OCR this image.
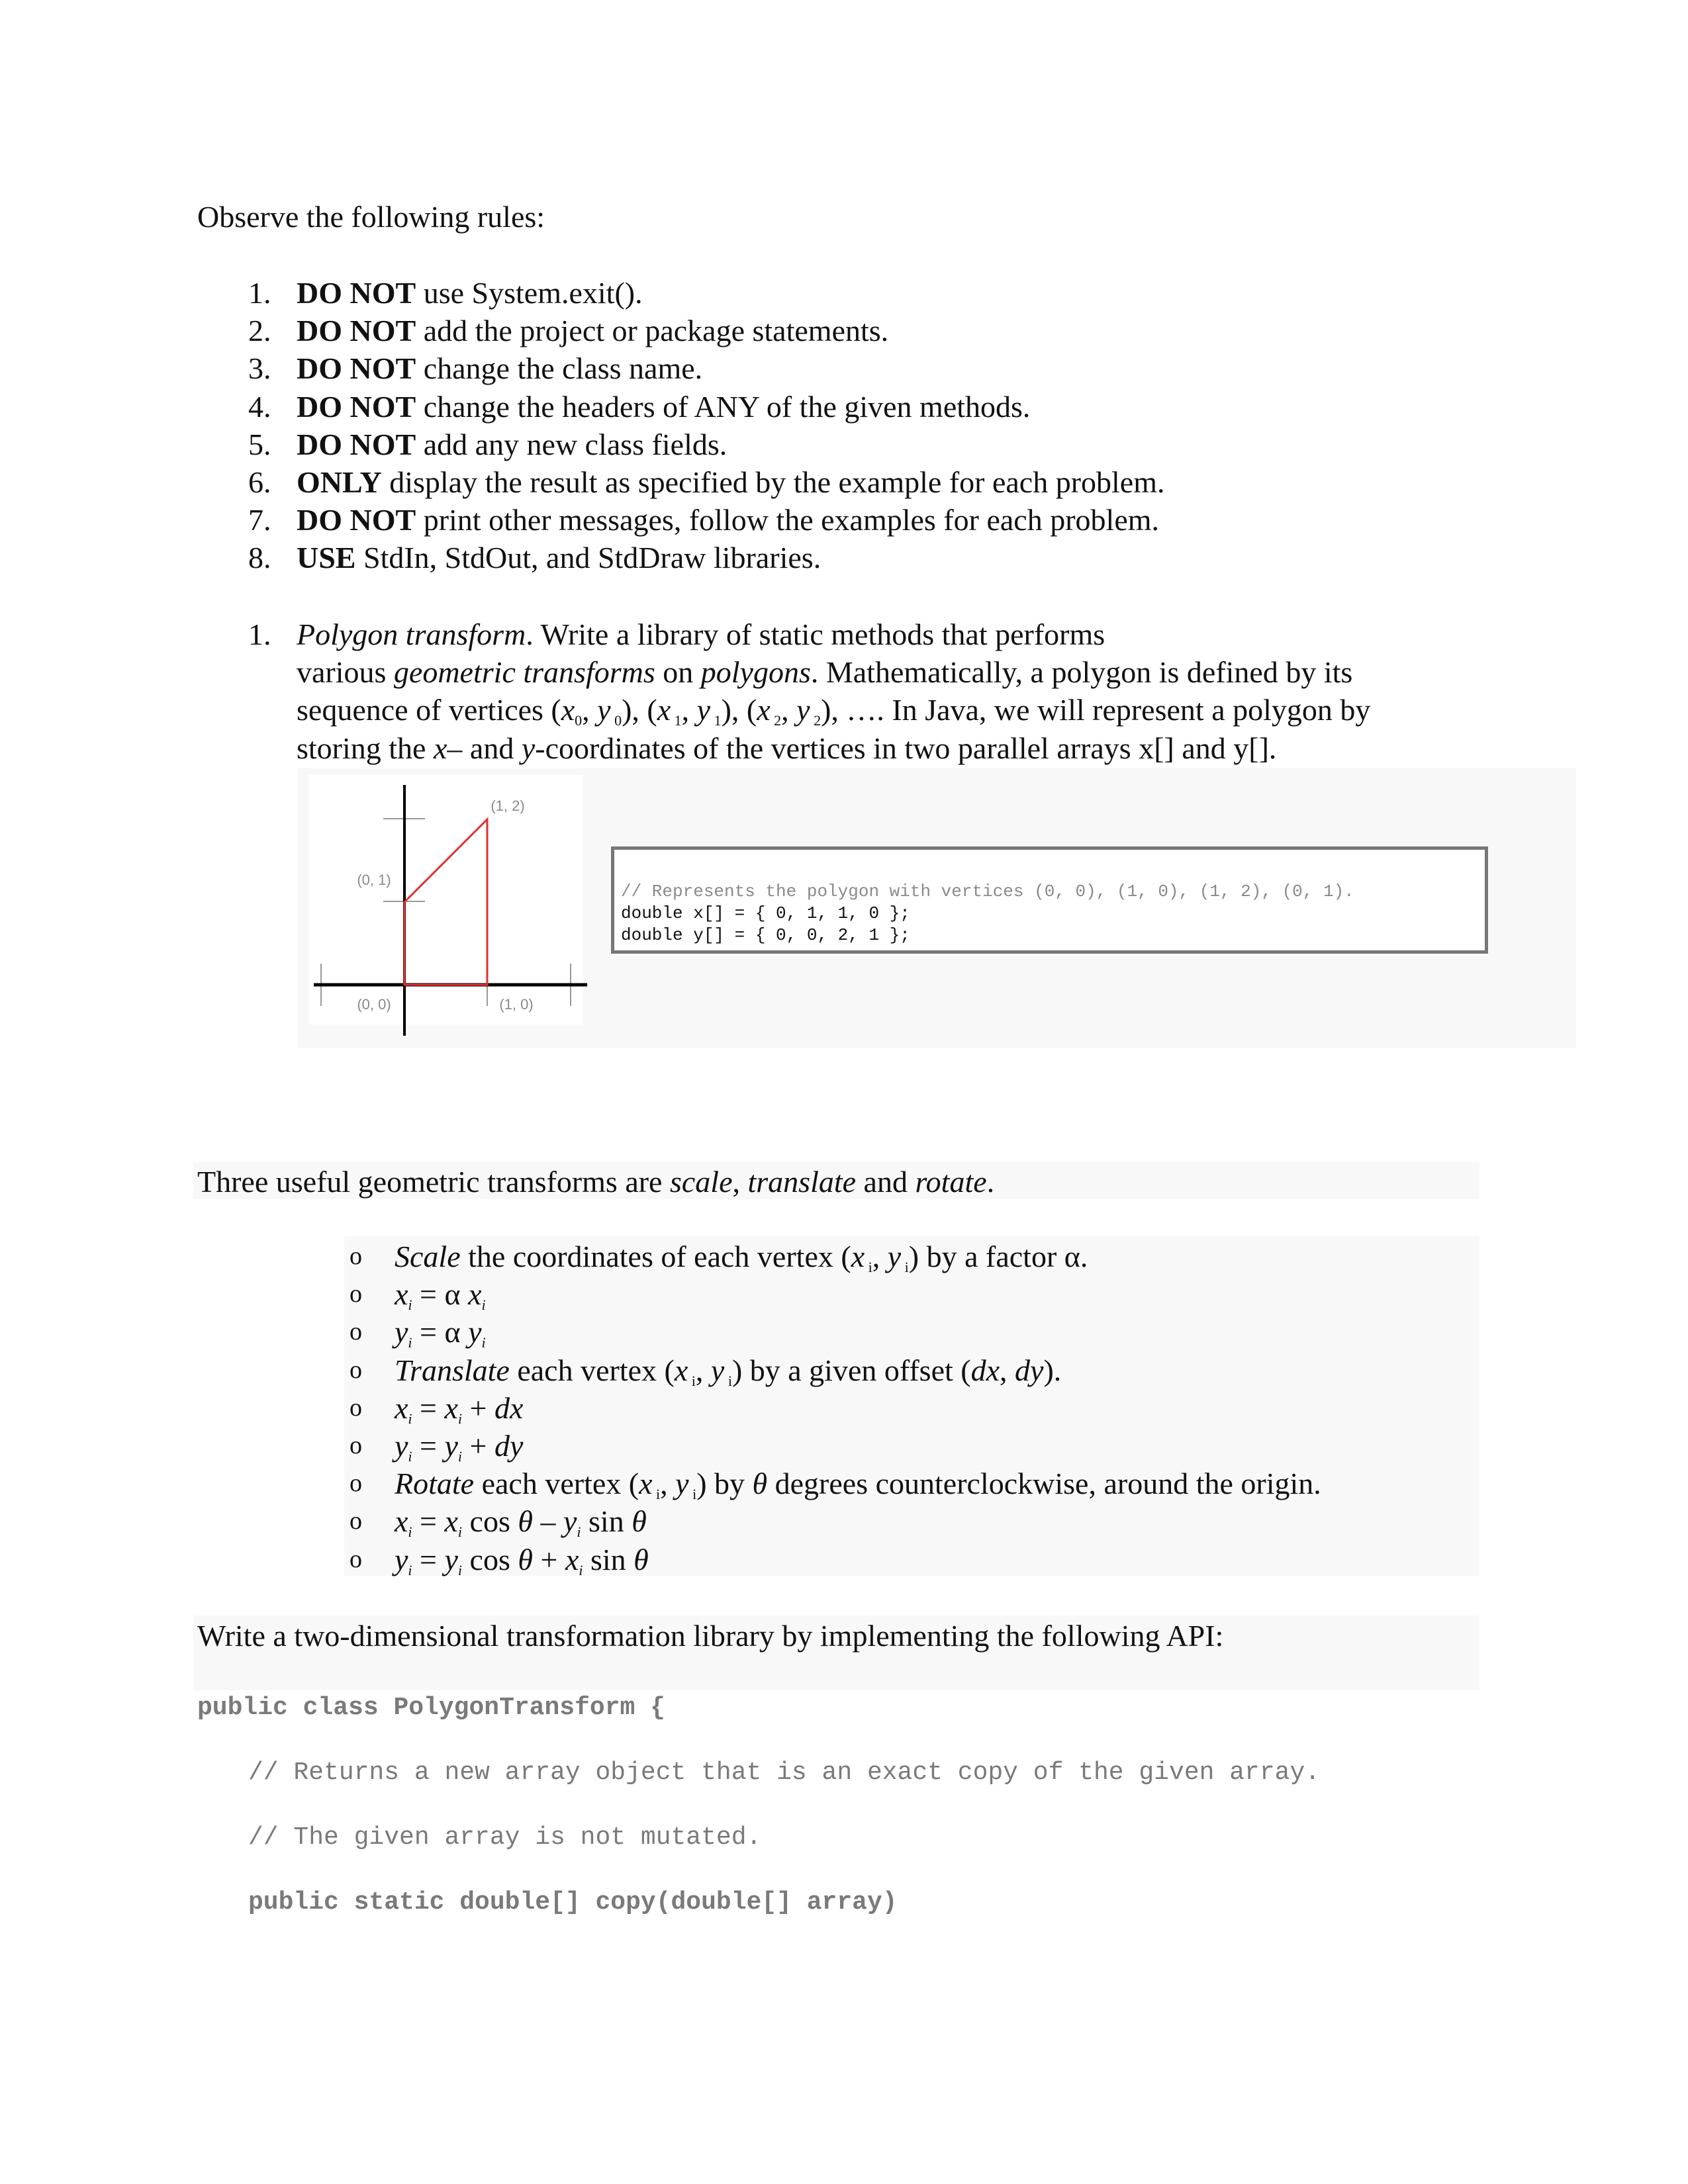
Observe the following rules:
1. DO NOT use System.exit().
2. DO NOT add the project or package statements.
3. DO NOT change the class name.
4. DO NOT change the headers of ANY of the given methods.
5. DO NOT add any new class fields.
6. ONLY display the result as specified by the example for each problem.
7. DO NOT print other messages, follow the examples for each problem.
8. USE StdIn, StdOut, and StdDraw libraries.
1. Polygon transform. Write a library of static methods that performs
various geometric transforms on polygons. Mathematically, a polygon is defined by its
sequence of vertices ($x_0$, y $_0$), (x $_1$, y $_1$), (x $_2$, y $_2$), …. In Java, we will represent a polygon by
storing the x– and y-coordinates of the vertices in two parallel arrays x[] and y[].
(1, 2)
(0, 1)
(0, 0)	(1, 0)
// Represents the polygon with vertices (0, 0), (1, 0), (1, 2), (0, 1).
double x[] = { 0, 1, 1, 0 };
double y[] = { 0, 0, 2, 1 };
Three useful geometric transforms are scale, translate and rotate.
o Scale the coordinates of each vertex (x $_i$, y $_i$) by a factor α.
o xi = α xi
o yi = α yi
o Translate each vertex (x $_i$, y $_i$) by a given offset (dx, dy).
o xi = xi + dx
o yi = yi + dy
o Rotate each vertex (x $_i$, y $_i$) by θ degrees counterclockwise, around the origin.
o xi = xi cos θ – yi sin θ
o yi = yi cos θ + xi sin θ
Write a two-dimensional transformation library by implementing the following API:
public class PolygonTransform {
// Returns a new array object that is an exact copy of the given array.
// The given array is not mutated.
public static double[] copy(double[] array)
